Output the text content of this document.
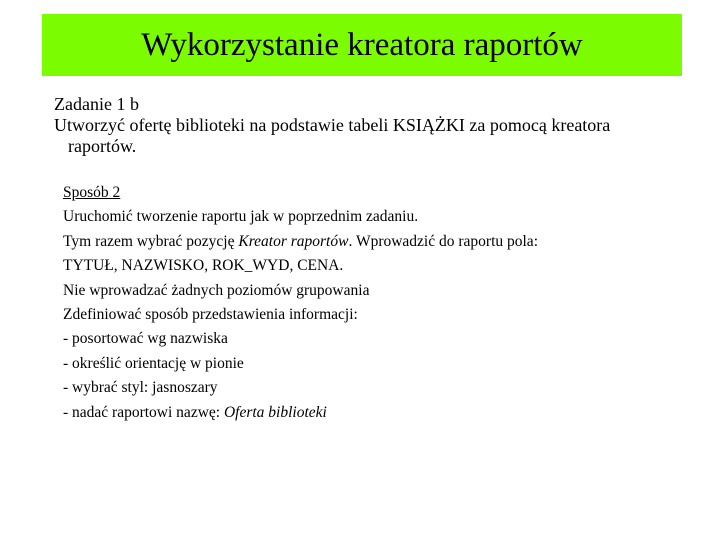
Wykorzystanie kreatora raportów
Zadanie 1 b
Utworzyć ofertę biblioteki na podstawie tabeli KSIĄŻKI za pomocą kreatora
raportów.
Sposób 2
Uruchomić tworzenie raportu jak w poprzednim zadaniu.
Tym razem wybrać pozycję Kreator raportów. Wprowadzić do raportu pola:
TYTUŁ, NAZWISKO, ROK_WYD, CENA.
Nie wprowadzać żadnych poziomów grupowania
Zdefiniować sposób przedstawienia informacji:
- posortować wg nazwiska
- określić orientację w pionie
- wybrać styl: jasnoszary
- nadać raportowi nazwę: Oferta biblioteki
